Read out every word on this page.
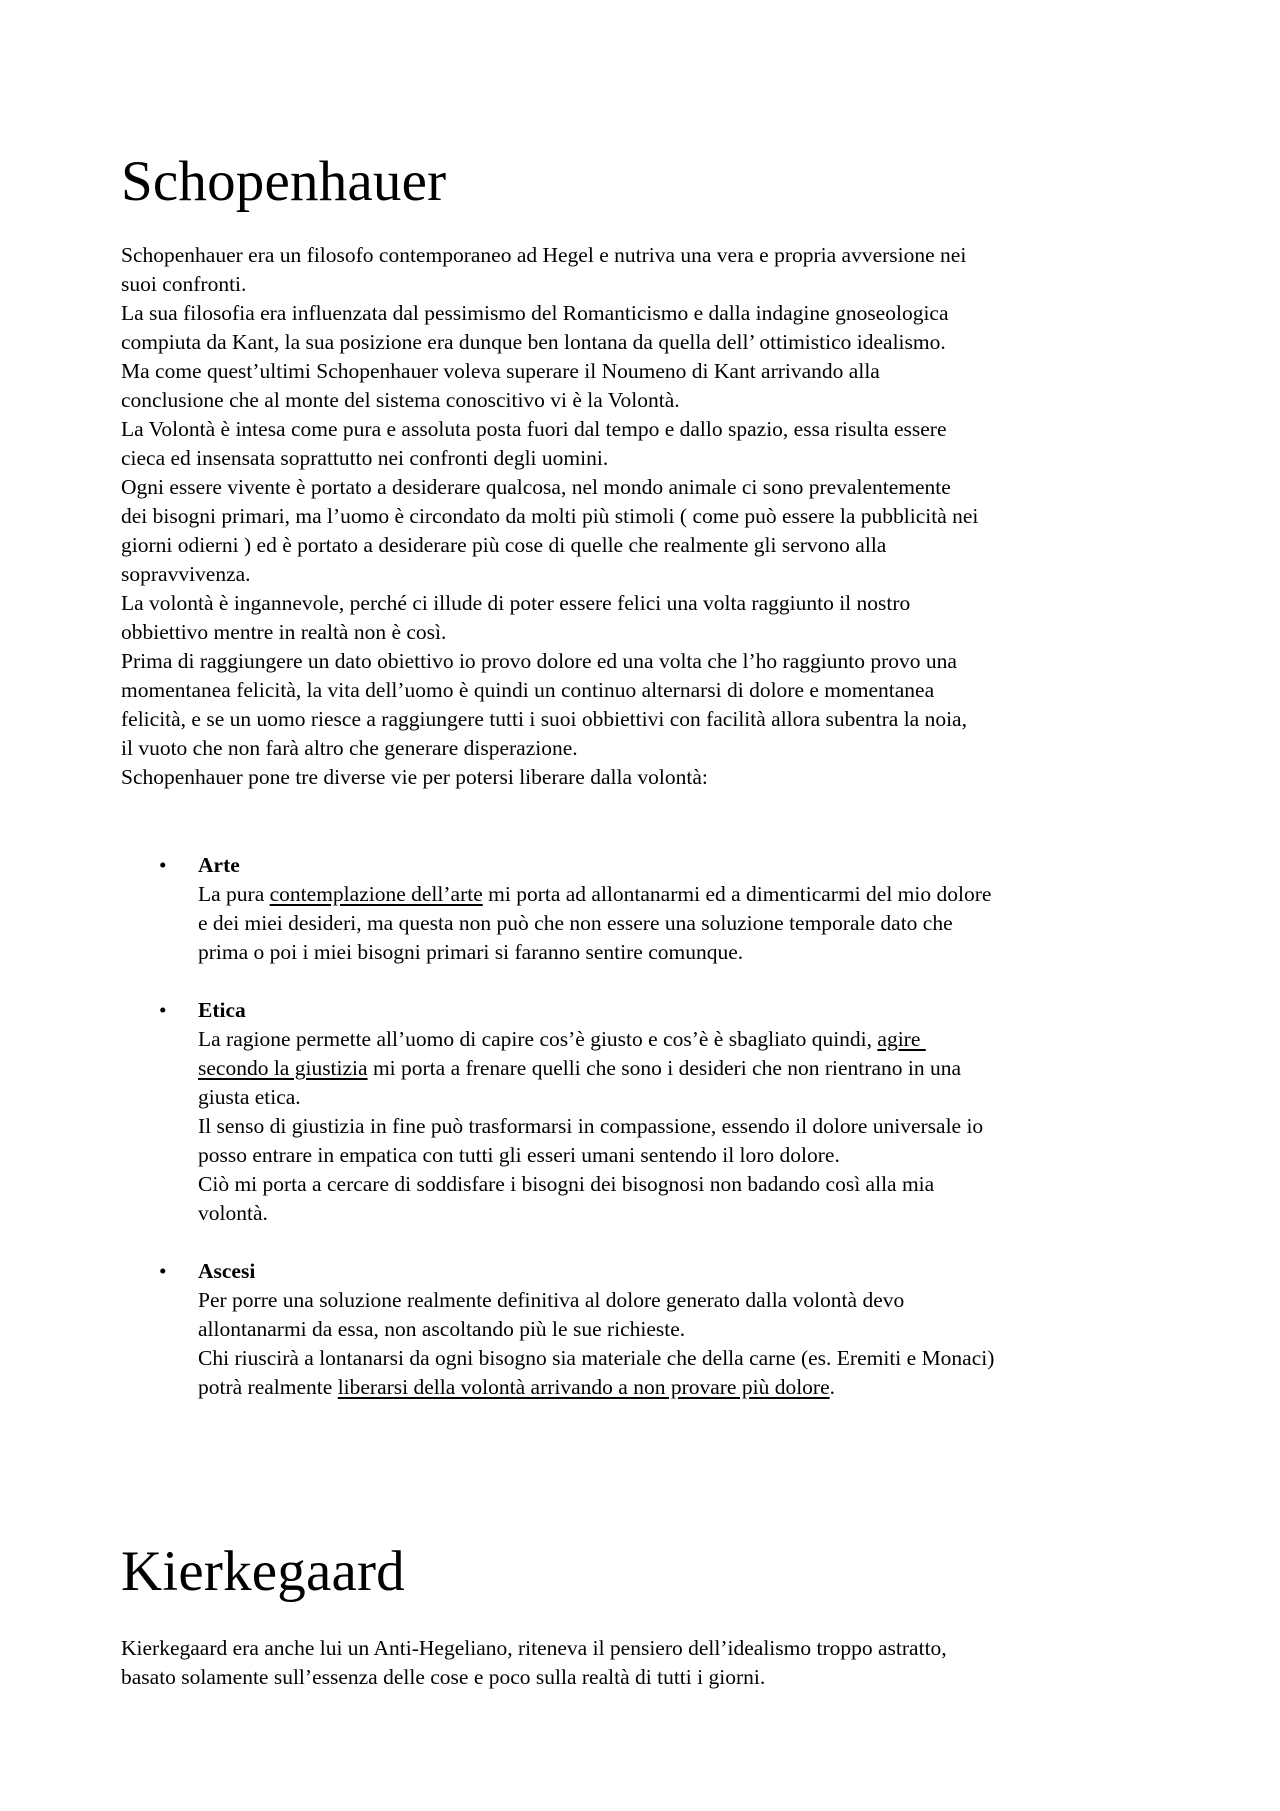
Schopenhauer
Schopenhauer era un filosofo contemporaneo ad Hegel e nutriva una vera e propria avversione nei
suoi confronti.
La sua filosofia era influenzata dal pessimismo del Romanticismo e dalla indagine gnoseologica
compiuta da Kant, la sua posizione era dunque ben lontana da quella dell’ ottimistico idealismo.
Ma come quest’ultimi Schopenhauer voleva superare il Noumeno di Kant arrivando alla
conclusione che al monte del sistema conoscitivo vi è la Volontà.
La Volontà è intesa come pura e assoluta posta fuori dal tempo e dallo spazio, essa risulta essere
cieca ed insensata soprattutto nei confronti degli uomini.
Ogni essere vivente è portato a desiderare qualcosa, nel mondo animale ci sono prevalentemente
dei bisogni primari, ma l’uomo è circondato da molti più stimoli ( come può essere la pubblicità nei
giorni odierni ) ed è portato a desiderare più cose di quelle che realmente gli servono alla
sopravvivenza.
La volontà è ingannevole, perché ci illude di poter essere felici una volta raggiunto il nostro
obbiettivo mentre in realtà non è così.
Prima di raggiungere un dato obiettivo io provo dolore ed una volta che l’ho raggiunto provo una
momentanea felicità, la vita dell’uomo è quindi un continuo alternarsi di dolore e momentanea
felicità, e se un uomo riesce a raggiungere tutti i suoi obbiettivi con facilità allora subentra la noia,
il vuoto che non farà altro che generare disperazione.
Schopenhauer pone tre diverse vie per potersi liberare dalla volontà:
• Arte
La pura contemplazione dell’arte mi porta ad allontanarmi ed a dimenticarmi del mio dolore
e dei miei desideri, ma questa non può che non essere una soluzione temporale dato che
prima o poi i miei bisogni primari si faranno sentire comunque.
• Etica
La ragione permette all’uomo di capire cos’è giusto e cos’è è sbagliato quindi, agire
secondo la giustizia mi porta a frenare quelli che sono i desideri che non rientrano in una
giusta etica.
Il senso di giustizia in fine può trasformarsi in compassione, essendo il dolore universale io
posso entrare in empatica con tutti gli esseri umani sentendo il loro dolore.
Ciò mi porta a cercare di soddisfare i bisogni dei bisognosi non badando così alla mia
volontà.
• Ascesi
Per porre una soluzione realmente definitiva al dolore generato dalla volontà devo
allontanarmi da essa, non ascoltando più le sue richieste.
Chi riuscirà a lontanarsi da ogni bisogno sia materiale che della carne (es. Eremiti e Monaci)
potrà realmente liberarsi della volontà arrivando a non provare più dolore.
Kierkegaard
Kierkegaard era anche lui un Anti-Hegeliano, riteneva il pensiero dell’idealismo troppo astratto,
basato solamente sull’essenza delle cose e poco sulla realtà di tutti i giorni.
